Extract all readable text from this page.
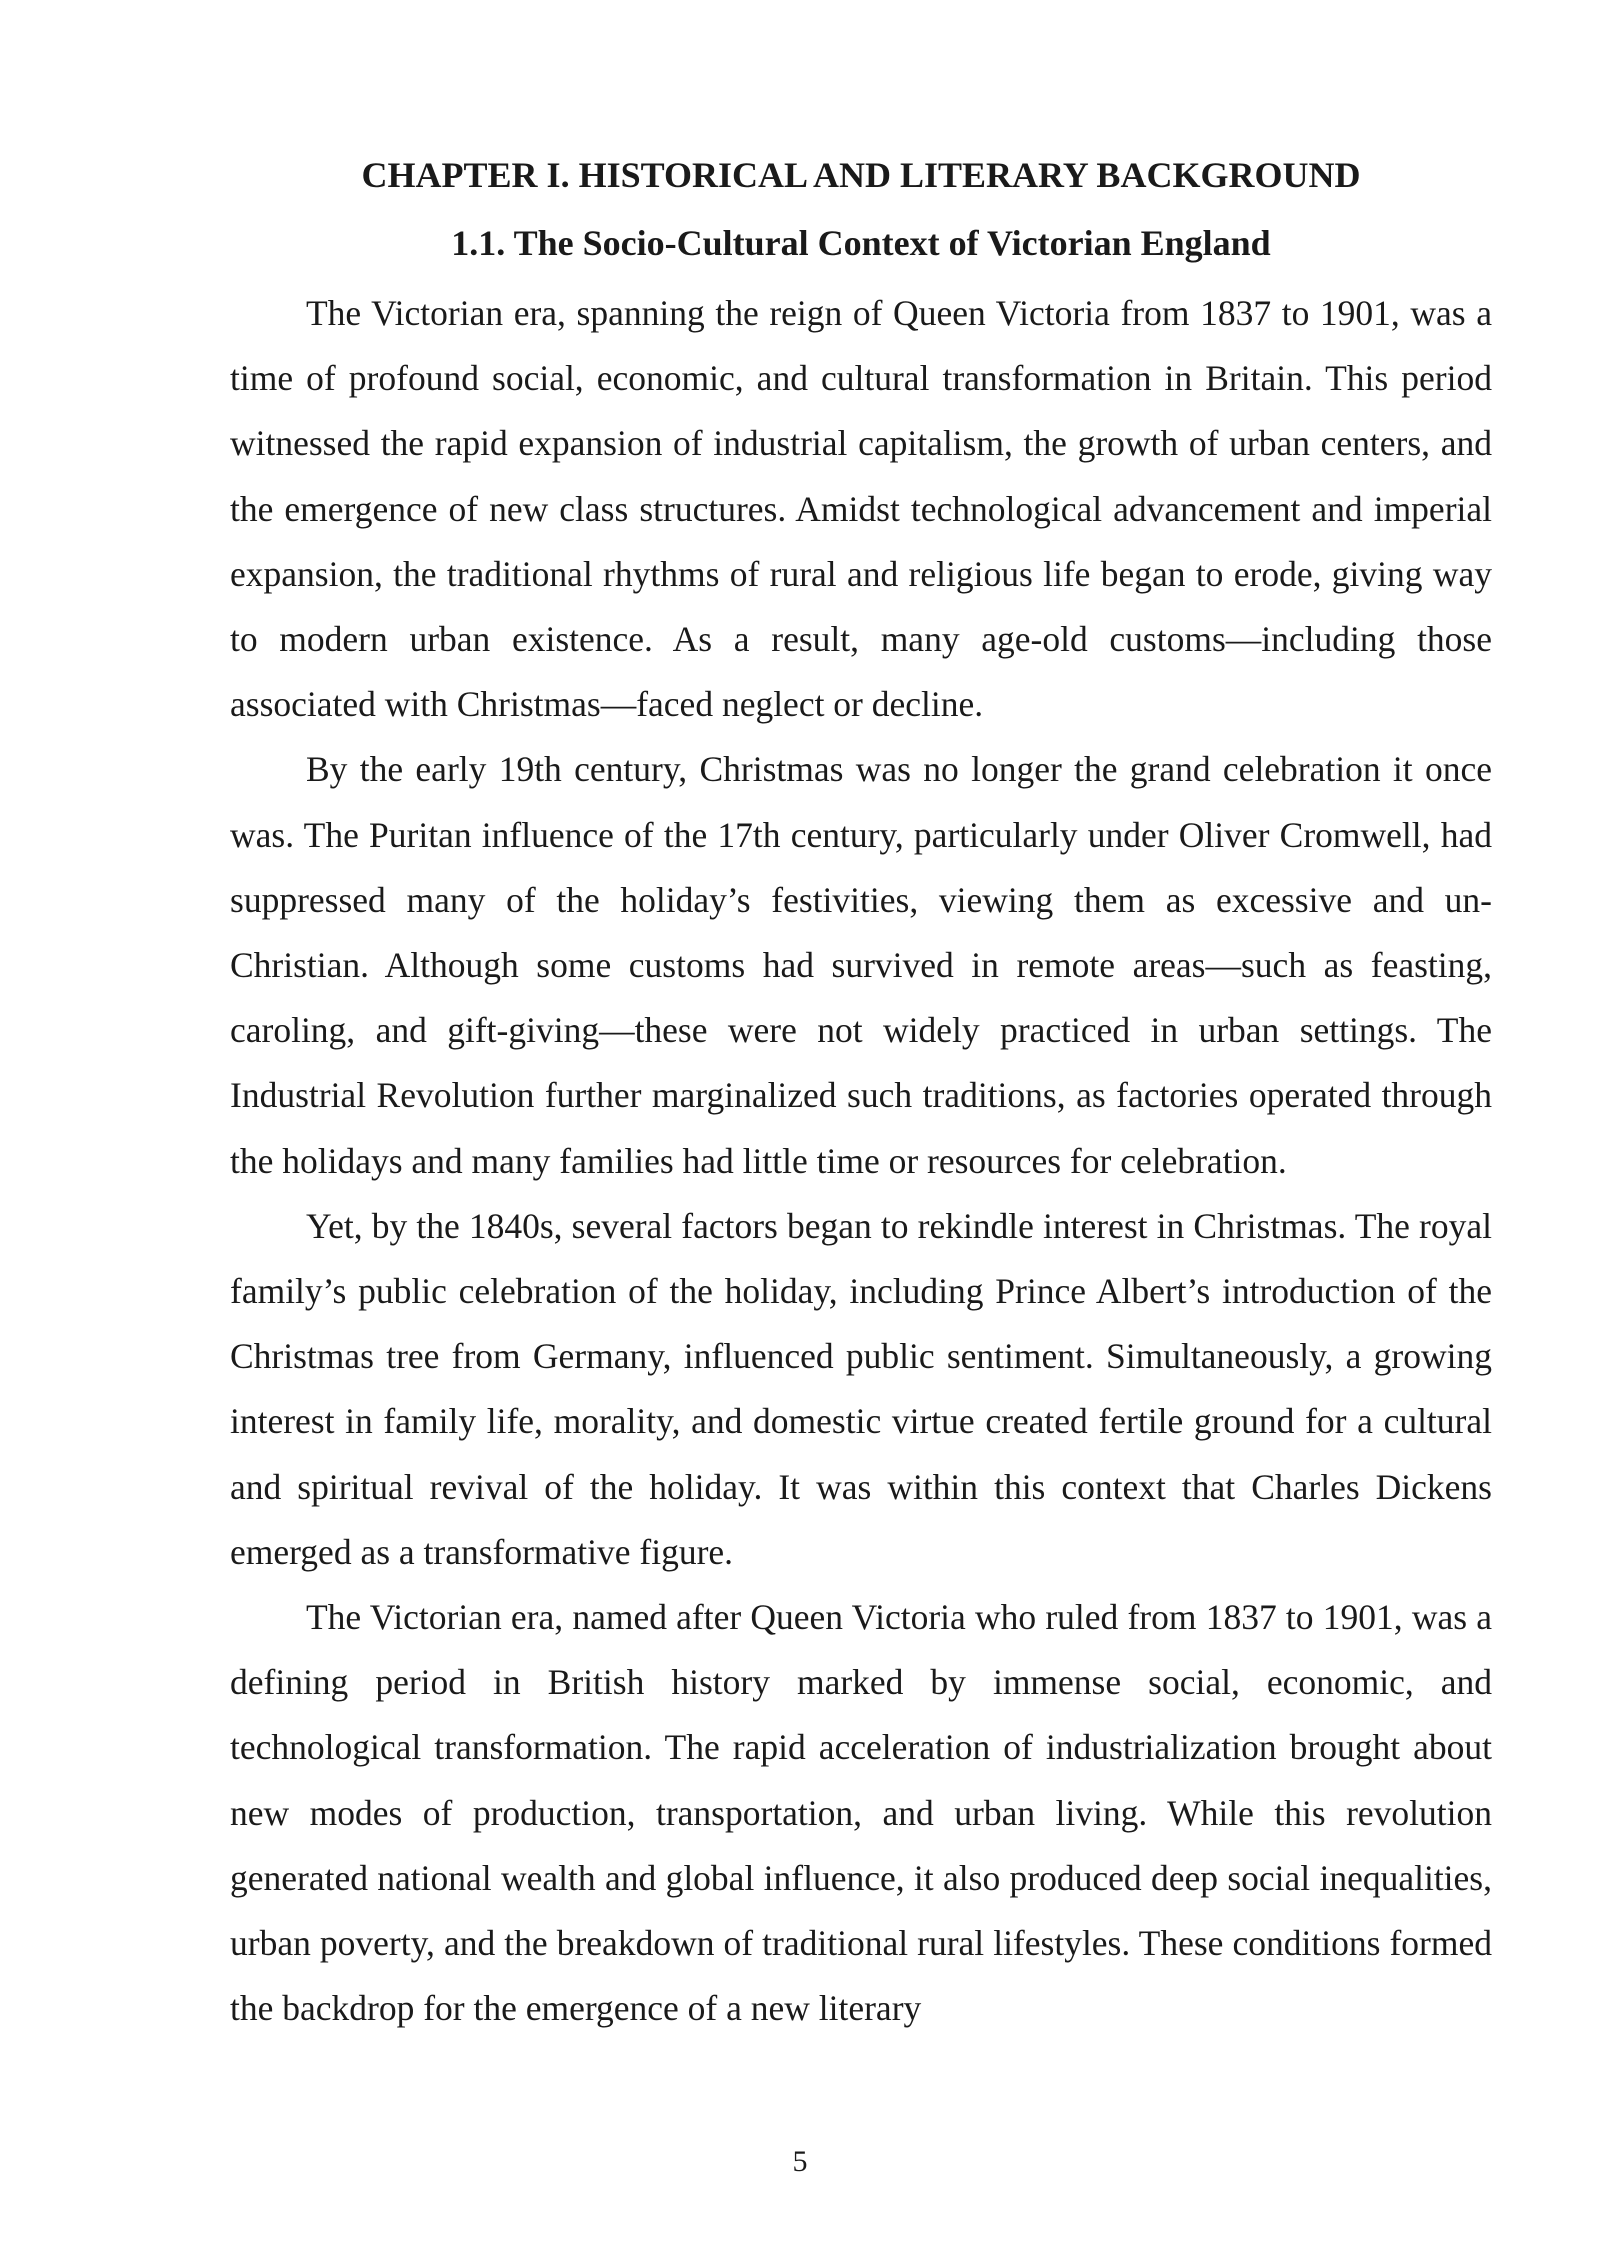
CHAPTER I. HISTORICAL AND LITERARY BACKGROUND
1.1. The Socio-Cultural Context of Victorian England

The Victorian era, spanning the reign of Queen Victoria from 1837 to 1901, was a time of profound social, economic, and cultural transformation in Britain. This period witnessed the rapid expansion of industrial capitalism, the growth of urban centers, and the emergence of new class structures. Amidst technological advancement and imperial expansion, the traditional rhythms of rural and religious life began to erode, giving way to modern urban existence. As a result, many age-old customs—including those associated with Christmas—faced neglect or decline.

By the early 19th century, Christmas was no longer the grand celebration it once was. The Puritan influence of the 17th century, particularly under Oliver Cromwell, had suppressed many of the holiday’s festivities, viewing them as excessive and un-Christian. Although some customs had survived in remote areas—such as feasting, caroling, and gift-giving—these were not widely practiced in urban settings. The Industrial Revolution further marginalized such traditions, as factories operated through the holidays and many families had little time or resources for celebration.

Yet, by the 1840s, several factors began to rekindle interest in Christmas. The royal family’s public celebration of the holiday, including Prince Albert’s introduction of the Christmas tree from Germany, influenced public sentiment. Simultaneously, a growing interest in family life, morality, and domestic virtue created fertile ground for a cultural and spiritual revival of the holiday. It was within this context that Charles Dickens emerged as a transformative figure.

The Victorian era, named after Queen Victoria who ruled from 1837 to 1901, was a defining period in British history marked by immense social, economic, and technological transformation. The rapid acceleration of industrialization brought about new modes of production, transportation, and urban living. While this revolution generated national wealth and global influence, it also produced deep social inequalities, urban poverty, and the breakdown of traditional rural lifestyles. These conditions formed the backdrop for the emergence of a new literary

5
